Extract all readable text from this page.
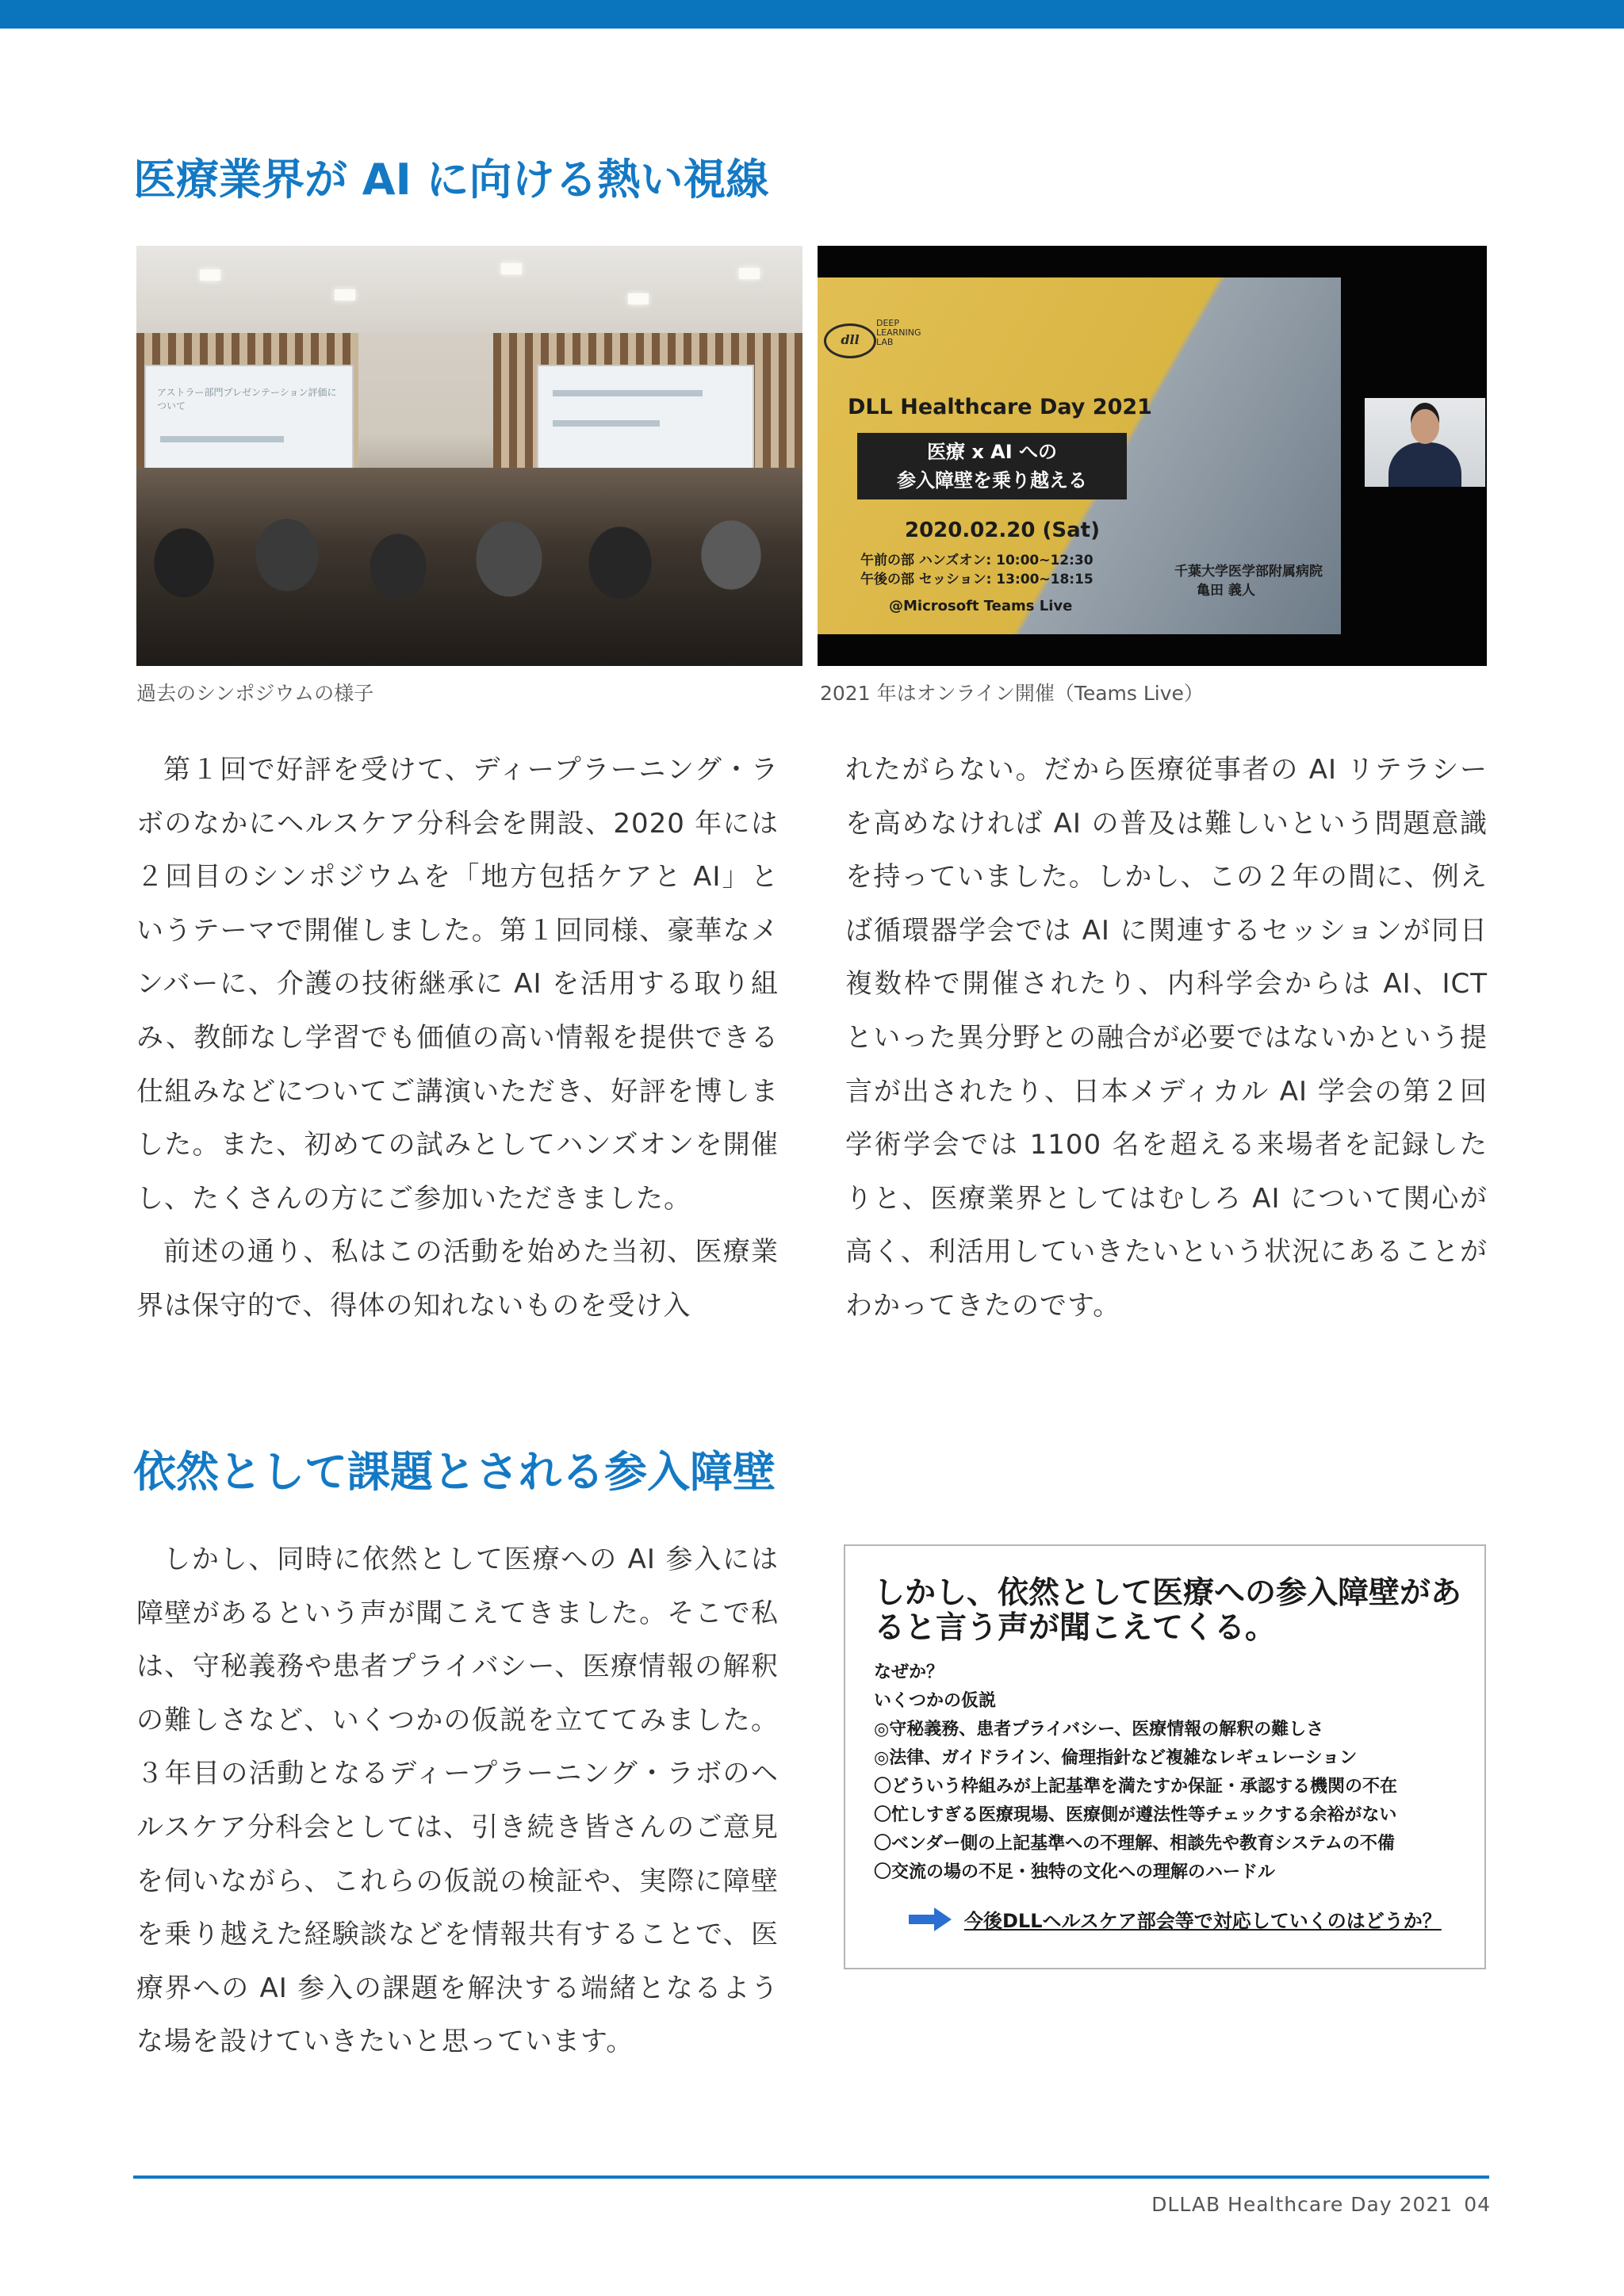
医療業界が AI に向ける熱い視線
アストラー部門プレゼンテーション評価について
過去のシンポジウムの様子
dll
DEEP
LEARNING
LAB
DLL Healthcare Day 2021
医療 x AI への
参入障壁を乗り越える
2020.02.20 (Sat)
午前の部 ハンズオン: 10:00~12:30
午後の部 セッション: 13:00~18:15
@Microsoft Teams Live
千葉大学医学部附属病院
亀田 義人
2021 年はオンライン開催（Teams Live）

第１回で好評を受けて、ディープラーニング・ラボのなかにヘルスケア分科会を開設、2020 年には２回目のシンポジウムを「地方包括ケアと AI」というテーマで開催しました。第１回同様、豪華なメンバーに、介護の技術継承に AI を活用する取り組み、教師なし学習でも価値の高い情報を提供できる仕組みなどについてご講演いただき、好評を博しました。また、初めての試みとしてハンズオンを開催し、たくさんの方にご参加いただきました。

前述の通り、私はこの活動を始めた当初、医療業界は保守的で、得体の知れないものを受け入

れたがらない。だから医療従事者の AI リテラシーを高めなければ AI の普及は難しいという問題意識を持っていました。しかし、この２年の間に、例えば循環器学会では AI に関連するセッションが同日複数枠で開催されたり、内科学会からは AI、ICT といった異分野との融合が必要ではないかという提言が出されたり、日本メディカル AI 学会の第２回学術学会では 1100 名を超える来場者を記録したりと、医療業界としてはむしろ AI について関心が高く、利活用していきたいという状況にあることがわかってきたのです。

依然として課題とされる参入障壁

しかし、同時に依然として医療への AI 参入には障壁があるという声が聞こえてきました。そこで私は、守秘義務や患者プライバシー、医療情報の解釈の難しさなど、いくつかの仮説を立ててみました。３年目の活動となるディープラーニング・ラボのヘルスケア分科会としては、引き続き皆さんのご意見を伺いながら、これらの仮説の検証や、実際に障壁を乗り越えた経験談などを情報共有することで、医療界への AI 参入の課題を解決する端緒となるような場を設けていきたいと思っています。

しかし、依然として医療への参入障壁があると言う声が聞こえてくる。
なぜか？
いくつかの仮説
◎守秘義務、患者プライバシー、医療情報の解釈の難しさ
◎法律、ガイドライン、倫理指針など複雑なレギュレーション
〇どういう枠組みが上記基準を満たすか保証・承認する機関の不在
〇忙しすぎる医療現場、医療側が遵法性等チェックする余裕がない
〇ベンダー側の上記基準への不理解、相談先や教育システムの不備
〇交流の場の不足・独特の文化への理解のハードル
今後DLLヘルスケア部会等で対応していくのはどうか？
DLLAB Healthcare Day 2021 04
